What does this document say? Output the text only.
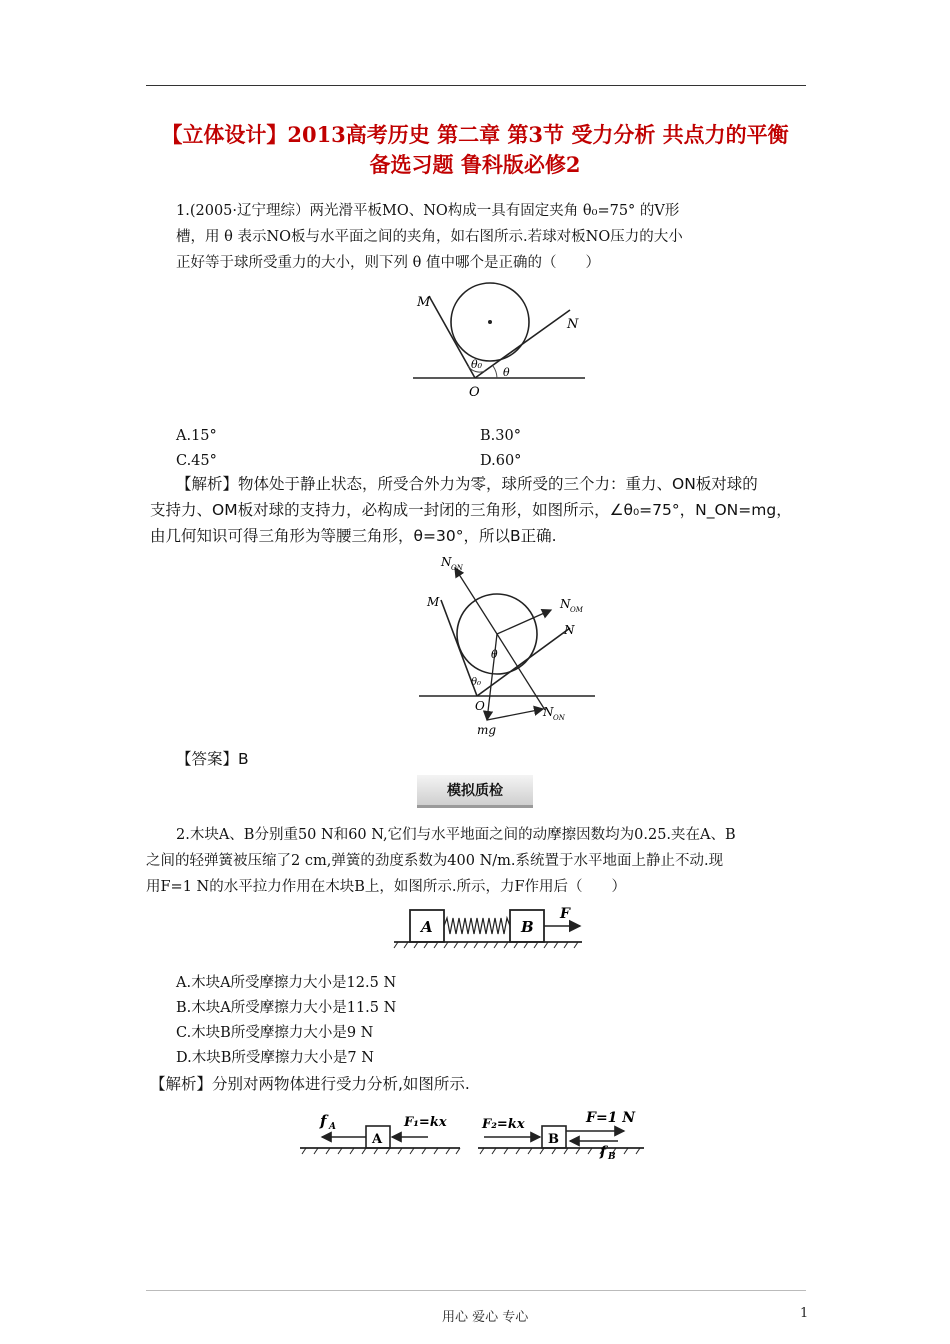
【立体设计】2013高考历史 第二章 第3节 受力分析 共点力的平衡
备选习题 鲁科版必修2
1.(2005·辽宁理综）两光滑平板MO、NO构成一具有固定夹角 θ₀=75° 的V形
槽，用 θ 表示NO板与水平面之间的夹角，如右图所示.若球对板NO压力的大小
正好等于球所受重力的大小，则下列 θ 值中哪个是正确的（　　）
M
N
O
θ₀
θ
A.15°	B.30°
C.45°	D.60°
【解析】物体处于静止状态，所受合外力为零，球所受的三个力：重力、ON板对球的
支持力、OM板对球的支持力，必构成一封闭的三角形，如图所示，∠θ₀=75°，N_ON=mg，
由几何知识可得三角形为等腰三角形，θ=30°，所以B正确.
N ON
N OM
M
N
O
θ
θ₀
mg
N ON
【答案】B
模拟质检
2.木块A、B分别重50 N和60 N,它们与水平地面之间的动摩擦因数均为0.25.夹在A、B
之间的轻弹簧被压缩了2 cm,弹簧的劲度系数为400 N/m.系统置于水平地面上静止不动.现
用F=1 N的水平拉力作用在木块B上，如图所示.所示，力F作用后（　　）
A	B
F
A.木块A所受摩擦力大小是12.5 N
B.木块A所受摩擦力大小是11.5 N
C.木块B所受摩擦力大小是9 N
D.木块B所受摩擦力大小是7 N
【解析】分别对两物体进行受力分析,如图所示.
f A
A
F₁=kx	F₂=kx
B
F=1 N
f B
用心 爱心 专心	1
